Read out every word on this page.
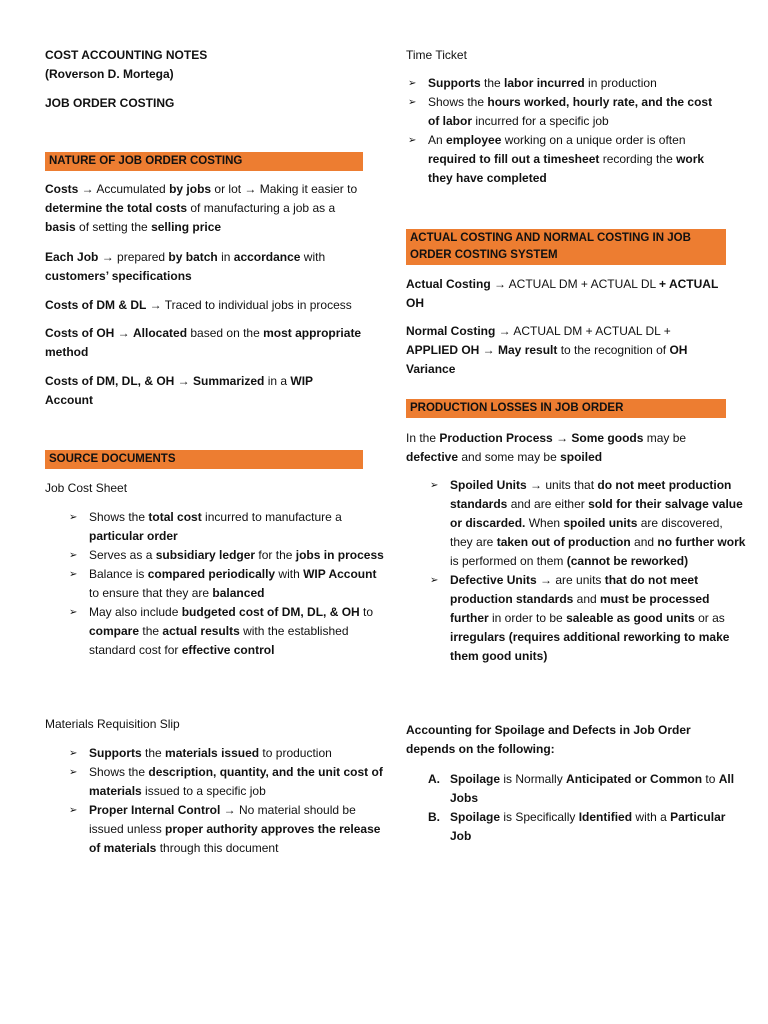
COST ACCOUNTING NOTES
(Roverson D. Mortega)
JOB ORDER COSTING
NATURE OF JOB ORDER COSTING
Costs → Accumulated by jobs or lot → Making it easier to determine the total costs of manufacturing a job as a basis of setting the selling price
Each Job → prepared by batch in accordance with customers’ specifications
Costs of DM & DL → Traced to individual jobs in process
Costs of OH → Allocated based on the most appropriate method
Costs of DM, DL, & OH → Summarized in a WIP Account
SOURCE DOCUMENTS
Job Cost Sheet
➢ Shows the total cost incurred to manufacture a particular order
➢ Serves as a subsidiary ledger for the jobs in process
➢ Balance is compared periodically with WIP Account to ensure that they are balanced
➢ May also include budgeted cost of DM, DL, & OH to compare the actual results with the established standard cost for effective control
Materials Requisition Slip
➢ Supports the materials issued to production
➢ Shows the description, quantity, and the unit cost of materials issued to a specific job
➢ Proper Internal Control → No material should be issued unless proper authority approves the release of materials through this document
Time Ticket
➢ Supports the labor incurred in production
➢ Shows the hours worked, hourly rate, and the cost of labor incurred for a specific job
➢ An employee working on a unique order is often required to fill out a timesheet recording the work they have completed
ACTUAL COSTING AND NORMAL COSTING IN JOB ORDER COSTING SYSTEM
Actual Costing → ACTUAL DM + ACTUAL DL + ACTUAL OH
Normal Costing → ACTUAL DM + ACTUAL DL + APPLIED OH → May result to the recognition of OH Variance
PRODUCTION LOSSES IN JOB ORDER
In the Production Process → Some goods may be defective and some may be spoiled
➢ Spoiled Units → units that do not meet production standards and are either sold for their salvage value or discarded. When spoiled units are discovered, they are taken out of production and no further work is performed on them (cannot be reworked)
➢ Defective Units → are units that do not meet production standards and must be processed further in order to be saleable as good units or as irregulars (requires additional reworking to make them good units)
Accounting for Spoilage and Defects in Job Order depends on the following:
A. Spoilage is Normally Anticipated or Common to All Jobs
B. Spoilage is Specifically Identified with a Particular Job
